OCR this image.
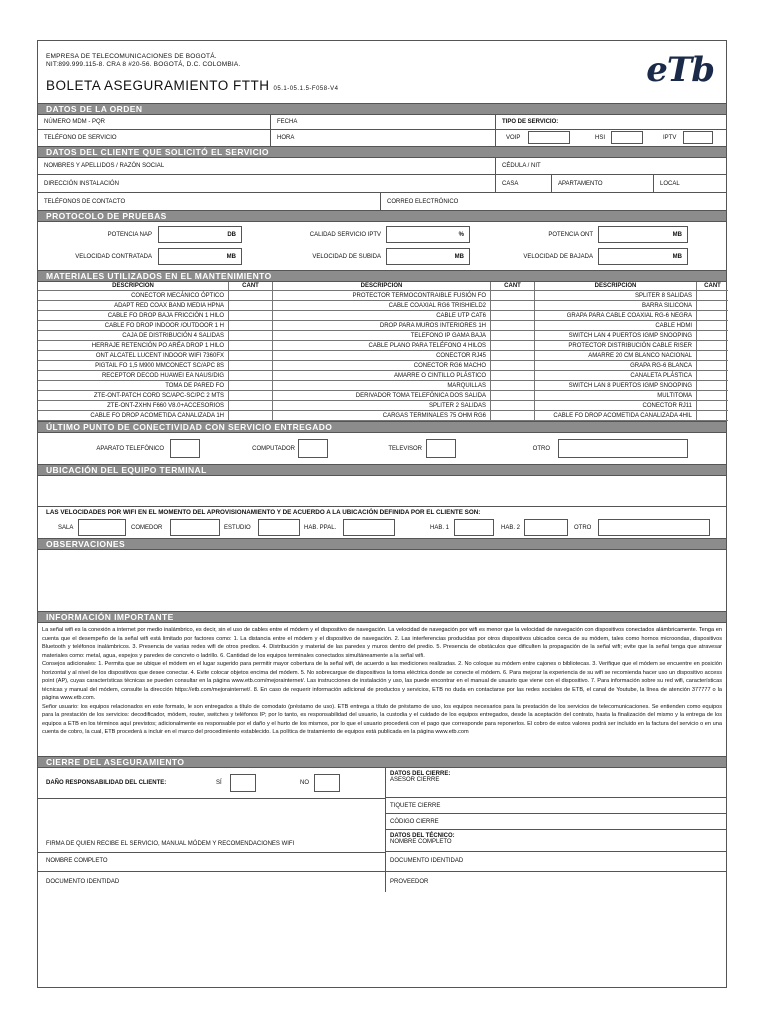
EMPRESA DE TELECOMUNICACIONES DE BOGOTÁ.
NIT:899.999.115-8. CRA 8 #20-56. BOGOTÁ, D.C. COLOMBIA.
BOLETA ASEGURAMIENTO FTTH 05.1-05.1.5-F058-V4	eTb
DATOS DE LA ORDEN
NÚMERO MDM - PQR	FECHA	TIPO DE SERVICIO:
TELÉFONO DE SERVICIO	HORA	VOIP	HSI	IPTV
DATOS DEL CLIENTE QUE SOLICITÓ EL SERVICIO
NOMBRES Y APELLIDOS / RAZÓN SOCIAL	CÉDULA / NIT
DIRECCIÓN INSTALACIÓN	CASA	APARTAMENTO	LOCAL
TELÉFONOS DE CONTACTO	CORREO ELECTRÓNICO
PROTOCOLO DE PRUEBAS
POTENCIA NAP	DB	CALIDAD SERVICIO IPTV	%	POTENCIA ONT	MB
VELOCIDAD CONTRATADA	MB	VELOCIDAD DE SUBIDA	MB	VELOCIDAD DE BAJADA	MB
MATERIALES UTILIZADOS EN EL MANTENIMIENTO
DESCRIPCIÓN	CANT	DESCRIPCIÓN	CANT	DESCRIPCIÓN	CANT
CONECTOR MECÁNICO ÓPTICO	PROTECTOR TERMOCONTRAIBLE FUSIÓN FO	SPLITER 8 SALIDAS
ADAPT RED COAX BAND MEDIA HPNA	CABLE COAXIAL RG6 TRISHIELD2	BARRA SILICONA
CABLE FO DROP BAJA FRICCIÓN 1 HILO	CABLE UTP CAT6	GRAPA PARA CABLE COAXIAL RG-6 NEGRA
CABLE FO DROP INDOOR /OUTDOOR 1 H	DROP PARA MUROS INTERIORES 1H	CABLE HDMI
CAJA DE DISTRIBUCIÓN 4 SALIDAS	TELEFONO IP GAMA BAJA	SWITCH LAN 4 PUERTOS IGMP SNOOPING
HERRAJE RETENCIÓN PO ARÉA DROP 1 HILO	CABLE PLANO PARA TELÉFONO 4 HILOS	PROTECTOR DISTRIBUCIÓN CABLE RISER
ONT ALCATEL LUCENT INDOOR WIFI 7360FX	CONECTOR RJ45	AMARRE 20 CM BLANCO NACIONAL
PIGTAIL FO 1,5 M900 MMCONECT SC/APC 8S	CONECTOR RG6 MACHO	GRAPA RG-6 BLANCA
RECEPTOR DECOD HUAWEI EA NAUS/DIG	AMARRE O CINTILLO PLÁSTICO	CANALETA PLÁSTICA
TOMA DE PARED FO	MARQUILLAS	SWITCH LAN 8 PUERTOS IGMP SNOOPING
ZTE-ONT-PATCH CORD SC/APC-SC/PC 2 MTS	DERIVADOR TOMA TELEFÓNICA DOS SALIDA	MULTITOMA
ZTE-ONT-ZXHN F660 V8.0+ACCESORIOS	SPLITER 2 SALIDAS	CONECTOR RJ11
CABLE FO DROP ACOMETIDA CANALIZADA 1H	CARGAS TERMINALES 75 OHM RG6	CABLE FO DROP ACOMETIDA CANALIZADA 4HIL
ÚLTIMO PUNTO DE CONECTIVIDAD CON SERVICIO ENTREGADO
APARATO TELEFÓNICO	COMPUTADOR	TELEVISOR	OTRO
UBICACIÓN DEL EQUIPO TERMINAL
LAS VELOCIDADES POR WIFI EN EL MOMENTO DEL APROVISIONAMIENTO Y DE ACUERDO A LA UBICACIÓN DEFINIDA POR EL CLIENTE SON:
SALA	COMEDOR	ESTUDIO	HAB. PPAL.	HAB. 1	HAB. 2	OTRO
OBSERVACIONES
INFORMACIÓN IMPORTANTE

La señal wifi es la conexión a internet por medio inalámbrico, es decir, sin el uso de cables entre el módem y el dispositivo de navegación. La velocidad de navegación por wifi es menor que la velocidad de navegación con dispositivos conectados alámbricamente. Tenga en cuenta que el desempeño de la señal wifi está limitado por factores como: 1. La distancia entre el módem y el dispositivo de navegación. 2. Las interferencias producidas por otros dispositivos ubicados cerca de su módem, tales como hornos microondas, dispositivos Bluetooth y teléfonos inalámbricos. 3. Presencia de varias redes wifi de otros predios. 4. Distribución y material de las paredes y muros dentro del predio. 5. Presencia de obstáculos que dificulten la propagación de la señal wifi; evite que la señal tenga que atravesar materiales como: metal, agua, espejos y paredes de concreto o ladrillo. 6. Cantidad de los equipos terminales conectados simultáneamente a la señal wifi.

Consejos adicionales: 1. Permita que se ubique el módem en el lugar sugerido para permitir mayor cobertura de la señal wifi, de acuerdo a las mediciones realizadas. 2. No coloque su módem entre cajones o bibliotecas. 3. Verifique que el módem se encuentre en posición horizontal y al nivel de los dispositivos que desee conectar. 4. Evite colocar objetos encima del módem. 5. No sobrecargue de dispositivos la toma eléctrica donde se conecte el módem. 6. Para mejorar la experiencia de su wifi se recomienda hacer uso un dispositivo access point (AP), cuyas características técnicas se pueden consultar en la página www.etb.com/mejorainternet/. Las instrucciones de instalación y uso, las puede encontrar en el manual de usuario que viene con el dispositivo. 7. Para información sobre su red wifi, características técnicas y manual del módem, consulte la dirección https://etb.com/mejorainternet/. 8. En caso de requerir información adicional de productos y servicios, ETB no duda en contactarse por las redes sociales de ETB, el canal de Youtube, la línea de atención 377777 o la página www.etb.com.

Señor usuario: los equipos relacionados en este formato, le son entregados a título de comodato (préstamo de uso). ETB entrega a título de préstamo de uso, los equipos necesarios para la prestación de los servicios de telecomunicaciones. Se entienden como equipos para la prestación de los servicios: decodificador, módem, router, switches y teléfonos IP; por lo tanto, es responsabilidad del usuario, la custodia y el cuidado de los equipos entregados, desde la aceptación del contrato, hasta la finalización del mismo y la entrega de los equipos a ETB en los términos aquí previstos; adicionalmente es responsable por el daño y el hurto de los mismos, por lo que el usuario procederá con el pago que corresponde para reponerlos. El cobro de estos valores podrá ser incluido en la factura del servicio o en una cuenta de cobro, la cual, ETB procederá a incluir en el marco del procedimiento establecido. La política de tratamiento de equipos está publicada en la página www.etb.com

CIERRE DEL ASEGURAMIENTO
DAÑO RESPONSABILIDAD DEL CLIENTE:	SÍ	NO
DATOS DEL CIERRE:
ASESOR CIERRE
TIQUETE CIERRE
CÓDIGO CIERRE
FIRMA DE QUIEN RECIBE EL SERVICIO, MANUAL MÓDEM Y RECOMENDACIONES WIFI
DATOS DEL TÉCNICO:
NOMBRE COMPLETO
NOMBRE COMPLETO	DOCUMENTO IDENTIDAD
DOCUMENTO IDENTIDAD	PROVEEDOR
